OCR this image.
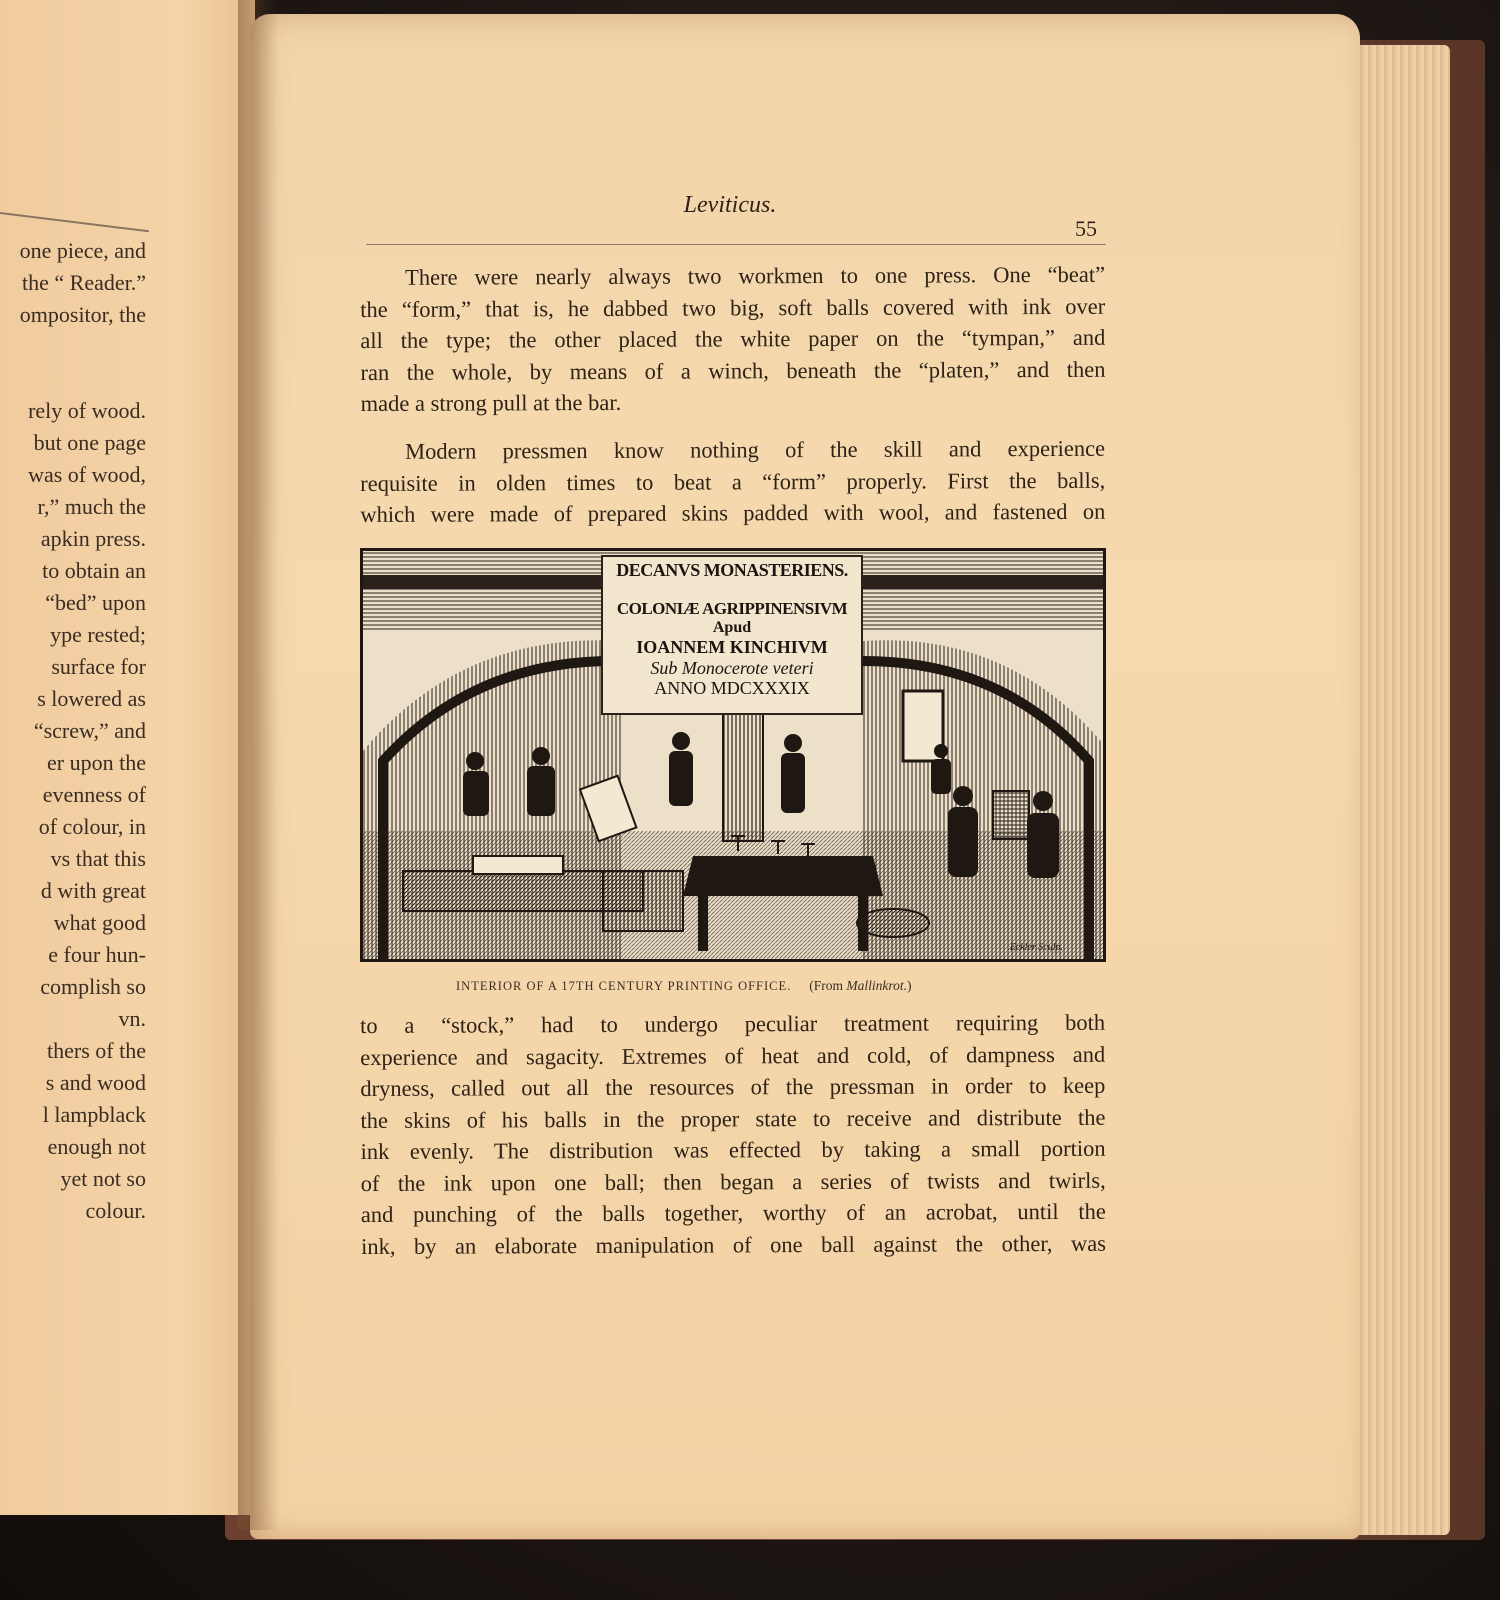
one piece, and
the “ Reader.”
ompositor, the
rely of wood.
but one page
was of wood,
r,” much the
apkin press.
to obtain an
“bed” upon
ype rested;
surface for
s lowered as
“screw,” and
er upon the
evenness of
of colour, in
vs that this
d with great
what good
e four hun-
complish so
vn.
thers of the
s and wood
l lampblack
enough not
yet not so
colour.
Leviticus.
55
There were nearly always two workmen to one press. One “beat”
the “form,” that is, he dabbed two big, soft balls covered with ink over
all the type; the other placed the white paper on the “tympan,” and
ran the whole, by means of a winch, beneath the “platen,” and then
made a strong pull at the bar.
Modern pressmen know nothing of the skill and experience
requisite in olden times to beat a “form” properly. First the balls,
which were made of prepared skins padded with wool, and fastened on
DECANVS MONASTERIENS.
COLONIÆ AGRIPPINENSIVM
Apud
IOANNEM KINCHIVM
Sub Monocerote veteri
ANNO MDCXXXIX
Eckler Sculp.
INTERIOR OF A 17TH CENTURY PRINTING OFFICE. (From Mallinkrot.)
to a “stock,” had to undergo peculiar treatment requiring both
experience and sagacity. Extremes of heat and cold, of dampness and
dryness, called out all the resources of the pressman in order to keep
the skins of his balls in the proper state to receive and distribute the
ink evenly. The distribution was effected by taking a small portion
of the ink upon one ball; then began a series of twists and twirls,
and punching of the balls together, worthy of an acrobat, until the
ink, by an elaborate manipulation of one ball against the other, was
